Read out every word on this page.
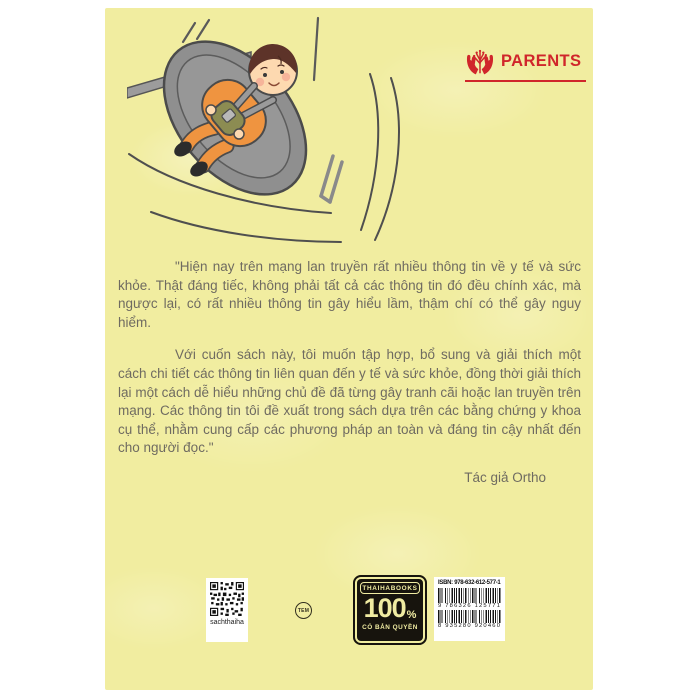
PARENTS

"Hiện nay trên mạng lan truyền rất nhiều thông tin về y tế và sức khỏe. Thật đáng tiếc, không phải tất cả các thông tin đó đều chính xác, mà ngược lại, có rất nhiều thông tin gây hiểu lầm, thậm chí có thể gây nguy hiểm.

Với cuốn sách này, tôi muốn tập hợp, bổ sung và giải thích một cách chi tiết các thông tin liên quan đến y tế và sức khỏe, đồng thời giải thích lại một cách dễ hiểu những chủ đề đã từng gây tranh cãi hoặc lan truyền trên mạng. Các thông tin tôi đề xuất trong sách dựa trên các bằng chứng y khoa cụ thể, nhằm cung cấp các phương pháp an toàn và đáng tin cậy nhất đến cho người đọc."

Tác giả Ortho
sachthaiha
TEM
THAIHABOOKS
100 %
CÓ BẢN QUYỀN
ISBN: 978-632-612-577-1
9 786326 125771
8 935280 920460
